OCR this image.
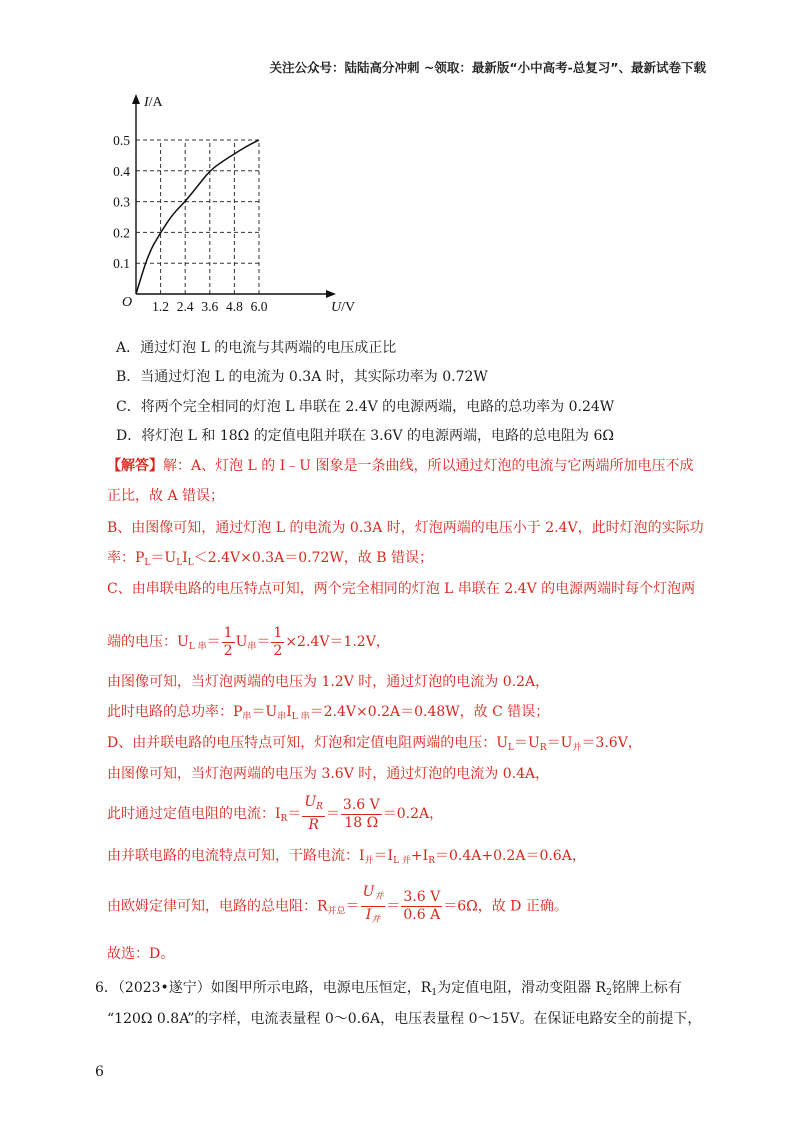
关注公众号：陆陆高分冲刺 ~领取：最新版“小中高考-总复习”、最新试卷下载
1.2 2.4 3.6 4.8 6.0
0.1
0.2
0.3
0.4
0.5
O
I/A
U/V
A．通过灯泡 L 的电流与其两端的电压成正比
B．当通过灯泡 L 的电流为 0.3A 时，其实际功率为 0.72W
C．将两个完全相同的灯泡 L 串联在 2.4V 的电源两端，电路的总功率为 0.24W
D．将灯泡 L 和 18Ω 的定值电阻并联在 3.6V 的电源两端，电路的总电阻为 6Ω
【解答】解：A、灯泡 L 的 I﹣U 图象是一条曲线，所以通过灯泡的电流与它两端所加电压不成
正比，故 A 错误；
B、由图像可知，通过灯泡 L 的电流为 0.3A 时，灯泡两端的电压小于 2.4V，此时灯泡的实际功
率：$P_L=U_LI_L<2.4V\times 0.3A=0.72W$，故 B 错误；
C、由串联电路的电压特点可知，两个完全相同的灯泡 L 串联在 2.4V 的电源两端时每个灯泡两
端的电压：$U_{L 串}= \frac{1}{2} U_串= \frac{1}{2} \times 2.4V=1.2V$，
由图像可知，当灯泡两端的电压为 1.2V 时，通过灯泡的电流为 0.2A，
此时电路的总功率：$P_串=U_串I_{L 串}=2.4V\times 0.2A=0.48W$，故 C 错误；
D、由并联电路的电压特点可知，灯泡和定值电阻两端的电压：$U_L=U_R=U_并=3.6V$，
由图像可知，当灯泡两端的电压为 3.6V 时，通过灯泡的电流为 0.4A，
此时通过定值电阻的电流：$I_R= \frac{U_R}{R} = \frac{3.6 V}{18 \Omega} =0.2A$，
由并联电路的电流特点可知，干路电流：$I_并=I_{L 并}+I_R=0.4A+0.2A=0.6A$，
由欧姆定律可知，电路的总电阻：$R_{并总}= \frac{U_并}{I_并} = \frac{3.6 V}{0.6 A} =6\Omega$，故 D 正确。
故选：D。
6．（2023•遂宁）如图甲所示电路，电源电压恒定，$R_1$为定值电阻，滑动变阻器 $R_2$铭牌上标有
“120Ω 0.8A”的字样，电流表量程 0～0.6A，电压表量程 0～15V。在保证电路安全的前提下，
6
